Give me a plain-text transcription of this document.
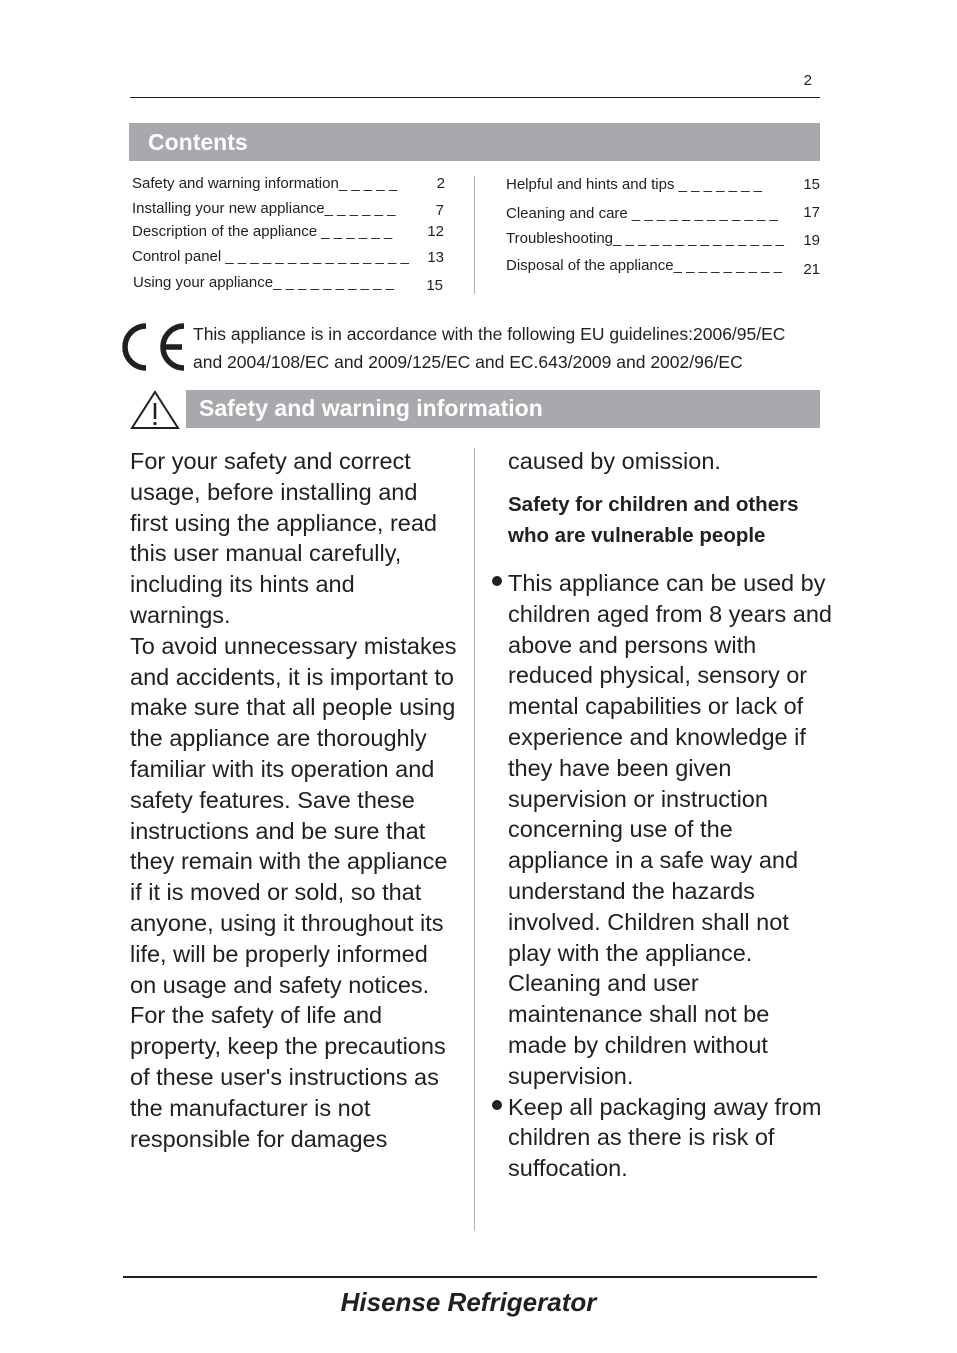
2
Contents
Safety and warning information_ _ _ _ _	2
Installing your new appliance_ _ _ _ _ _	7
Description of the appliance _ _ _ _ _ _	12
Control panel _ _ _ _ _ _ _ _ _ _ _ _ _ _ _	13
Using your appliance_ _ _ _ _ _ _ _ _ _	15
Helpful and hints and tips _ _ _ _ _ _ _	15
Cleaning and care _ _ _ _ _ _ _ _ _ _ _ _	17
Troubleshooting_ _ _ _ _ _ _ _ _ _ _ _ _ _	19
Disposal of the appliance_ _ _ _ _ _ _ _ _	21
This appliance is in accordance with the following EU guidelines:2006/95/EC
and 2004/108/EC and 2009/125/EC and EC.643/2009 and 2002/96/EC
Safety and warning information

For your safety and correct usage, before installing and first using the appliance, read this user manual carefully, including its hints and warnings.

To avoid unnecessary mistakes and accidents, it is important to make sure that all people using the appliance are thoroughly familiar with its operation and safety features. Save these instructions and be sure that they remain with the appliance if it is moved or sold, so that anyone, using it throughout its life, will be properly informed on usage and safety notices.

For the safety of life and property, keep the precautions of these user's instructions as the manufacturer is not responsible for damages

caused by omission.
Safety for children and others who are vulnerable people
This appliance can be used by children aged from 8 years and above and persons with reduced physical, sensory or mental capabilities or lack of experience and knowledge if they have been given supervision or instruction concerning use of the appliance in a safe way and understand the hazards involved. Children shall not play with the appliance. Cleaning and user maintenance shall not be made by children without supervision.
Keep all packaging away from children as there is risk of suffocation.
Hisense Refrigerator
